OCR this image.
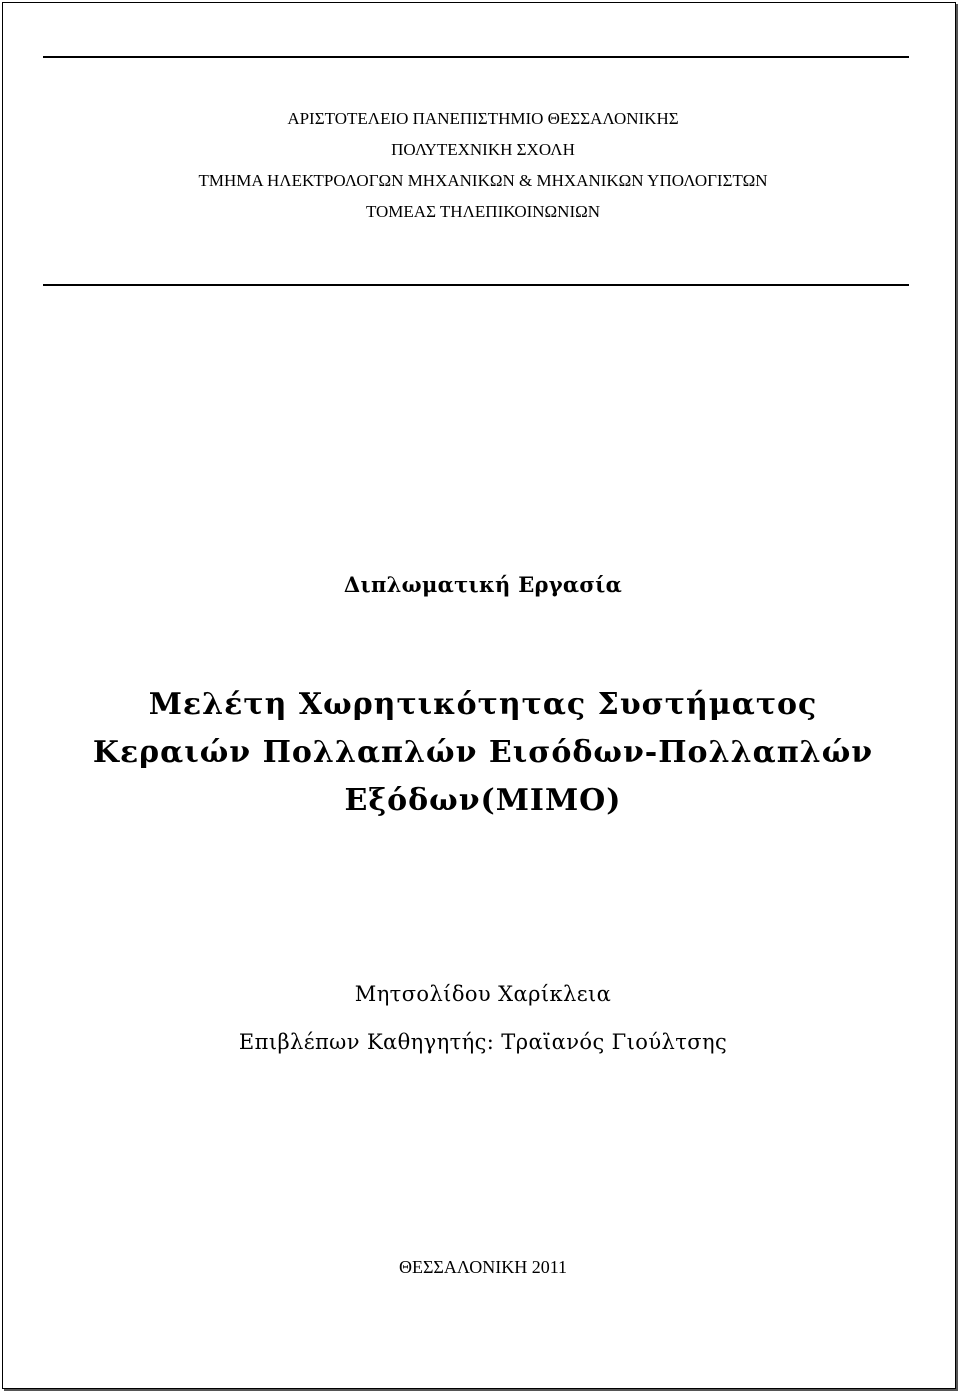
ΑΡΙΣΤΟΤΕΛΕΙΟ ΠΑΝΕΠΙΣΤΗΜΙΟ ΘΕΣΣΑΛΟΝΙΚΗΣ
ΠΟΛΥΤΕΧΝΙΚΗ ΣΧΟΛΗ
ΤΜΗΜΑ ΗΛΕΚΤΡΟΛΟΓΩΝ ΜΗΧΑΝΙΚΩΝ & ΜΗΧΑΝΙΚΩΝ ΥΠΟΛΟΓΙΣΤΩΝ
ΤΟΜΕΑΣ ΤΗΛΕΠΙΚΟΙΝΩΝΙΩΝ
Διπλωματική Εργασία
Μελέτη Χωρητικότητας Συστήματος
Κεραιών Πολλαπλών Εισόδων-Πολλαπλών
Εξόδων(ΜΙΜΟ)
Μητσολίδου Χαρίκλεια
Επιβλέπων Καθηγητής: Τραϊανός Γιούλτσης
ΘΕΣΣΑΛΟΝΙΚΗ 2011
